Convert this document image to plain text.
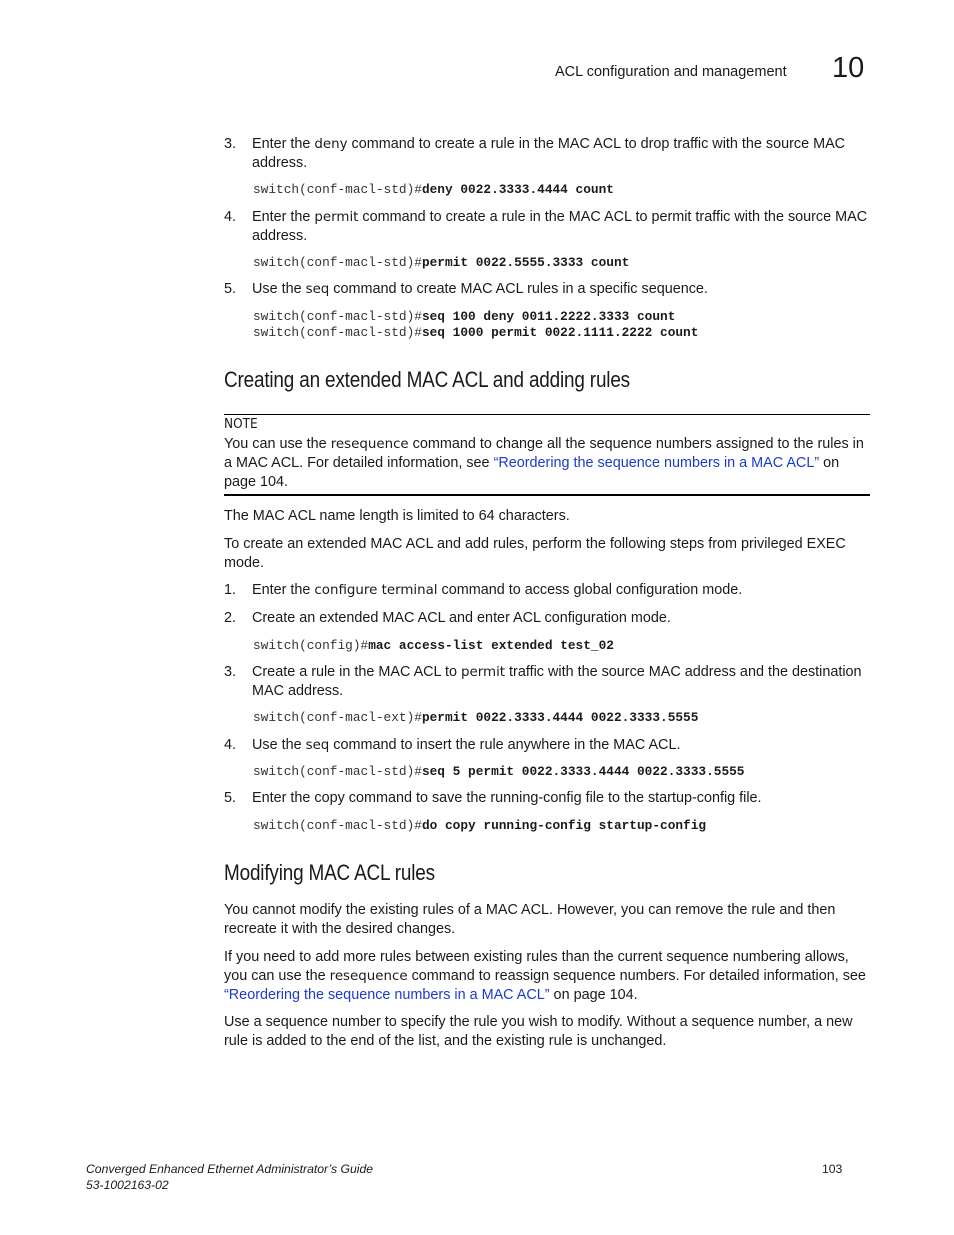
ACL configuration and management 10
3. Enter the deny command to create a rule in the MAC ACL to drop traffic with the source MAC address.
switch(conf-macl-std)#deny 0022.3333.4444 count
4. Enter the permit command to create a rule in the MAC ACL to permit traffic with the source MAC address.
switch(conf-macl-std)#permit 0022.5555.3333 count
5. Use the seq command to create MAC ACL rules in a specific sequence.
switch(conf-macl-std)#seq 100 deny 0011.2222.3333 count
switch(conf-macl-std)#seq 1000 permit 0022.1111.2222 count
Creating an extended MAC ACL and adding rules
NOTE
You can use the resequence command to change all the sequence numbers assigned to the rules in a MAC ACL. For detailed information, see “Reordering the sequence numbers in a MAC ACL” on page 104.
The MAC ACL name length is limited to 64 characters.
To create an extended MAC ACL and add rules, perform the following steps from privileged EXEC mode.
1. Enter the configure terminal command to access global configuration mode.
2. Create an extended MAC ACL and enter ACL configuration mode.
switch(config)#mac access-list extended test_02
3. Create a rule in the MAC ACL to permit traffic with the source MAC address and the destination MAC address.
switch(conf-macl-ext)#permit 0022.3333.4444 0022.3333.5555
4. Use the seq command to insert the rule anywhere in the MAC ACL.
switch(conf-macl-std)#seq 5 permit 0022.3333.4444 0022.3333.5555
5. Enter the copy command to save the running-config file to the startup-config file.
switch(conf-macl-std)#do copy running-config startup-config
Modifying MAC ACL rules
You cannot modify the existing rules of a MAC ACL. However, you can remove the rule and then recreate it with the desired changes.
If you need to add more rules between existing rules than the current sequence numbering allows, you can use the resequence command to reassign sequence numbers. For detailed information, see “Reordering the sequence numbers in a MAC ACL” on page 104.
Use a sequence number to specify the rule you wish to modify. Without a sequence number, a new rule is added to the end of the list, and the existing rule is unchanged.
Converged Enhanced Ethernet Administrator’s Guide
53-1002163-02
103
